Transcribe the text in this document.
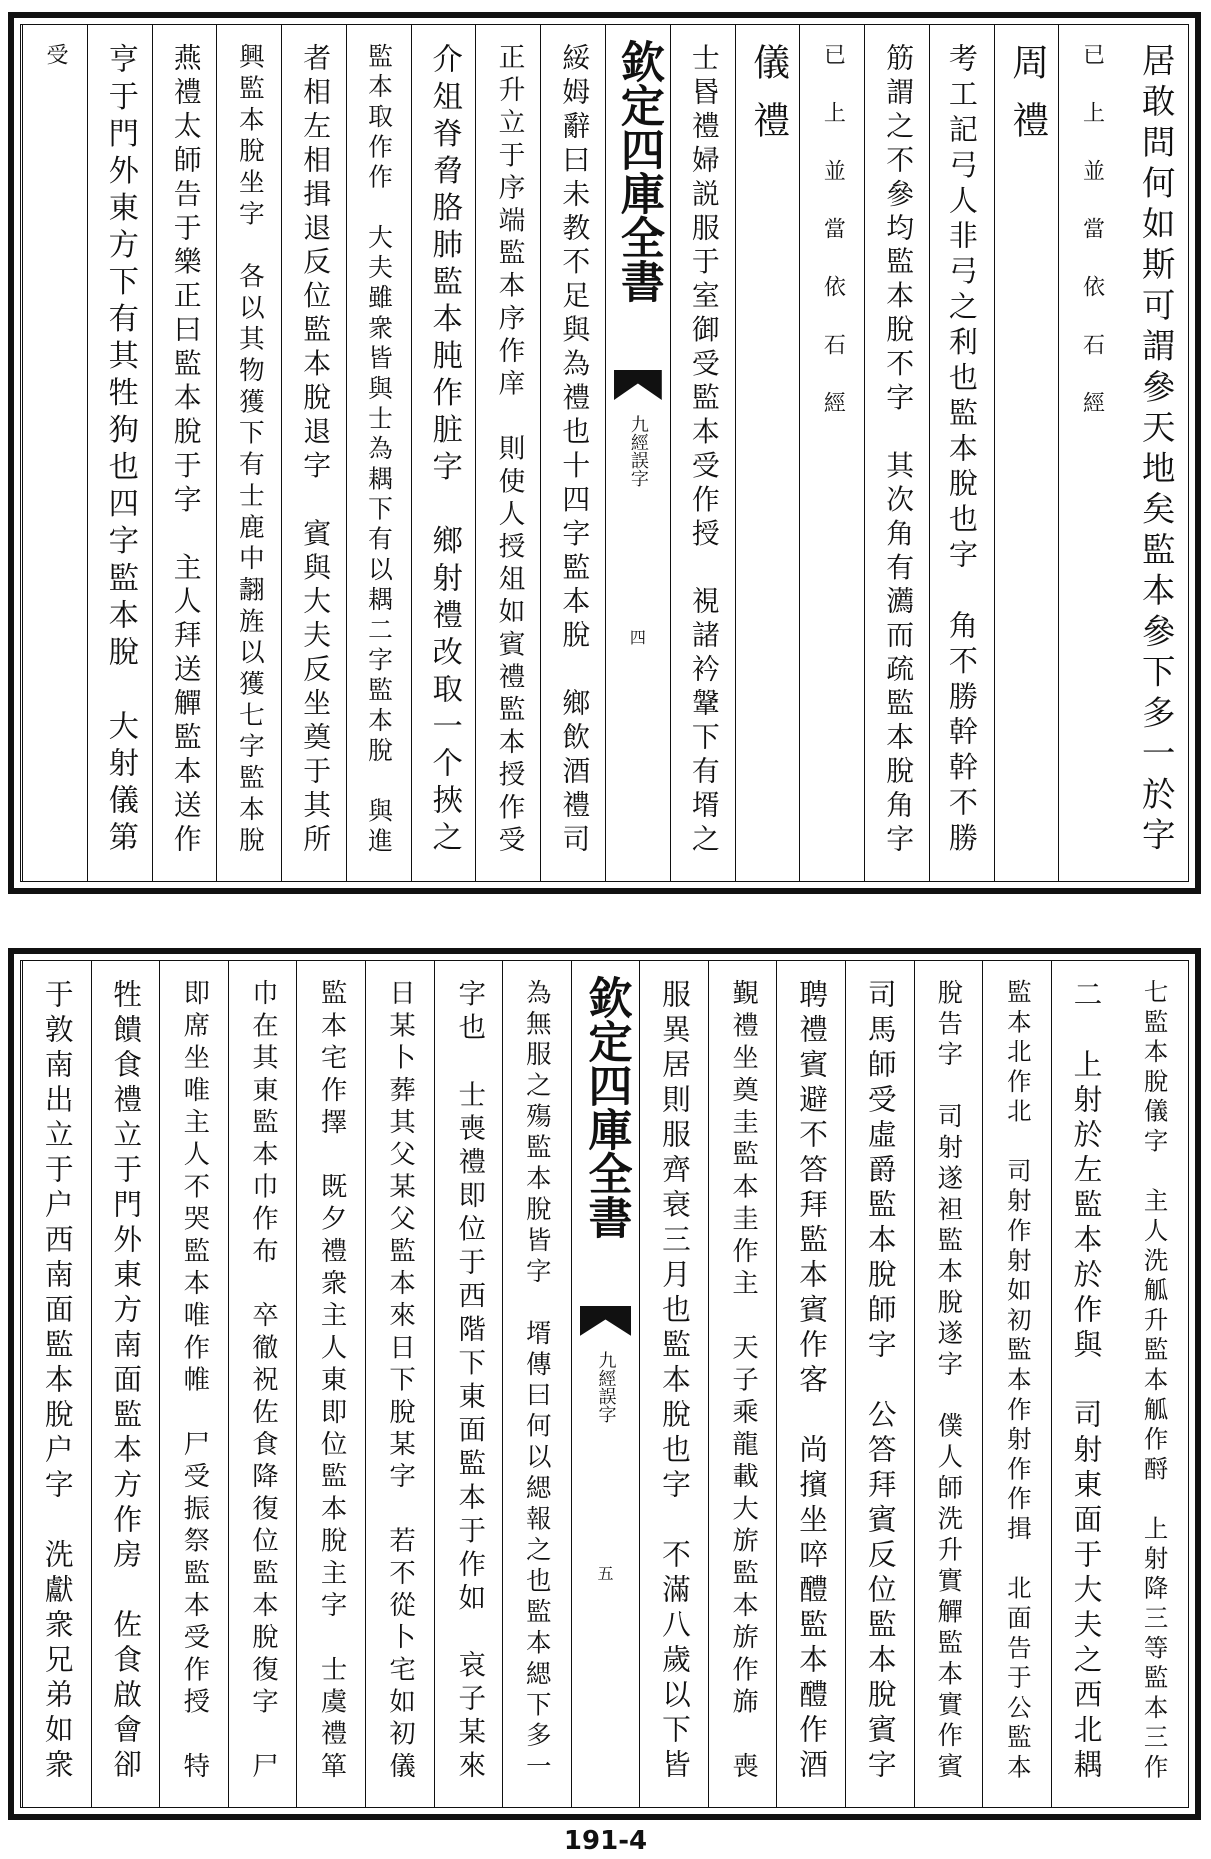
居敢問何如斯可謂參天地矣監本參下多一於字
已上並當依石經
周禮
考工記弓人非弓之利也監本脫也字　角不勝幹幹不勝
筋謂之不參均監本脫不字　其次角有瀳而疏監本脫角字
已上並當依石經
儀禮
士昬禮婦説服于室御受監本受作授　視諸衿鞶下有壻之
欽定四庫全書
九經誤字
四
綏姆辭曰未教不足與為禮也十四字監本脫　鄉飲酒禮司
正升立于序端監本序作庠　則使人授俎如賓禮監本授作受
介俎脊脅胳肺監本肫作脏字　鄉射禮改取一个挾之
監本取作作　大夫雖衆皆與士為耦下有以耦二字監本脫　與進
者相左相揖退反位監本脫退字　賓與大夫反坐奠于其所
興監本脫坐字　各以其物獲下有士鹿中翿旌以獲七字監本脫
燕禮太師告于樂正曰監本脫于字　主人拜送觶監本送作
亨于門外東方下有其牲狗也四字監本脫　大射儀第
受
七監本脫儀字　主人洗觚升監本觚作酹　上射降三等監本三作
二　上射於左監本於作與　司射東面于大夫之西北耦
監本北作北　司射作射如初監本作射作作揖　北面告于公監本
脫告字　司射遂袒監本脫遂字　僕人師洗升實觶監本實作賓
司馬師受虛爵監本脫師字　公答拜賓反位監本脫賓字
聘禮賓避不答拜監本賓作客　尚擯坐啐醴監本醴作酒
覲禮坐奠圭監本圭作主　天子乘龍載大旂監本旂作旆　喪
服異居則服齊衰三月也監本脫也字　不滿八歲以下皆
欽定四庫全書
九經誤字
五
為無服之殤監本脫皆字　壻傳曰何以緦報之也監本緦下多一
字也　士喪禮即位于西階下東面監本于作如　哀子某來
日某卜葬其父某父監本來日下脫某字　若不從卜宅如初儀
監本宅作擇　既夕禮衆主人東即位監本脫主字　士虞禮箪
巾在其東監本巾作布　卒徹祝佐食降復位監本脫復字　尸
即席坐唯主人不哭監本唯作帷　尸受振祭監本受作授　特
牲饋食禮立于門外東方南面監本方作房　佐食啟會卻
于敦南出立于户西南面監本脫户字　洗獻衆兄弟如衆
191-4
